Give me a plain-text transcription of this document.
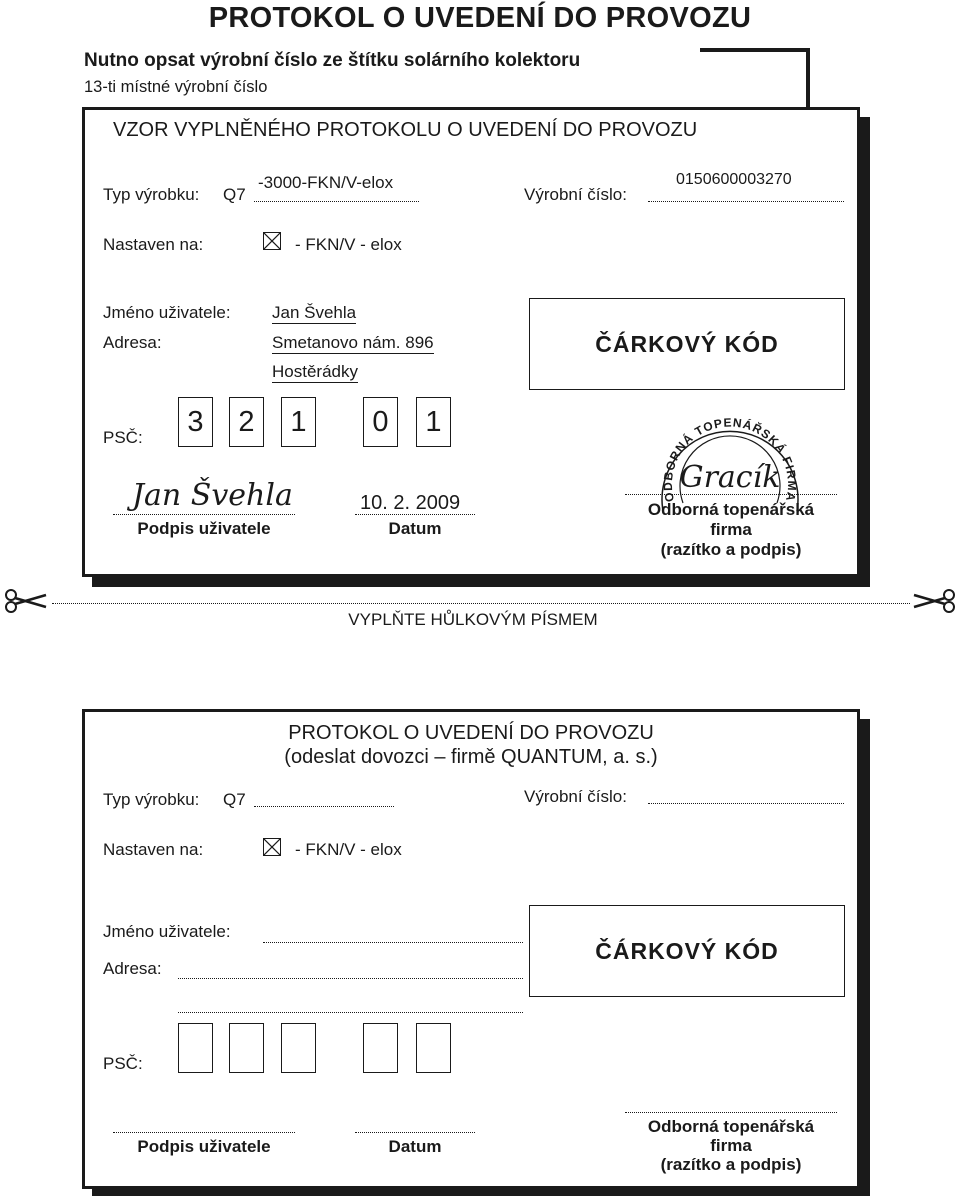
PROTOKOL O UVEDENÍ DO PROVOZU
Nutno opsat výrobní číslo ze štítku solárního kolektoru
13-ti místné výrobní číslo
VZOR VYPLNĚNÉHO PROTOKOLU O UVEDENÍ DO PROVOZU
Typ výrobku: Q7
-3000-FKN/V-elox
Výrobní číslo:
0150600003270
Nastaven na:	- FKN/V - elox
Jméno uživatele: Jan Švehla
Adresa:	Smetanovo nám. 896
Hostěrádky
ČÁRKOVÝ KÓD
PSČ:	3	2	1	0	1
Jan Švehla
Podpis uživatele
10. 2. 2009
Datum
ODBORNÁ TOPENÁŘSKÁ FIRMA
Gracík
Odborná topenářská
firma
(razítko a podpis)
VYPLŇTE HŮLKOVÝM PÍSMEM
PROTOKOL O UVEDENÍ DO PROVOZU
(odeslat dovozci – firmě QUANTUM, a. s.)
Typ výrobku: Q7	Výrobní číslo:
Nastaven na:	- FKN/V - elox
Jméno uživatele:
Adresa:
ČÁRKOVÝ KÓD
PSČ:
Podpis uživatele	Datum
Odborná topenářská
firma
(razítko a podpis)
